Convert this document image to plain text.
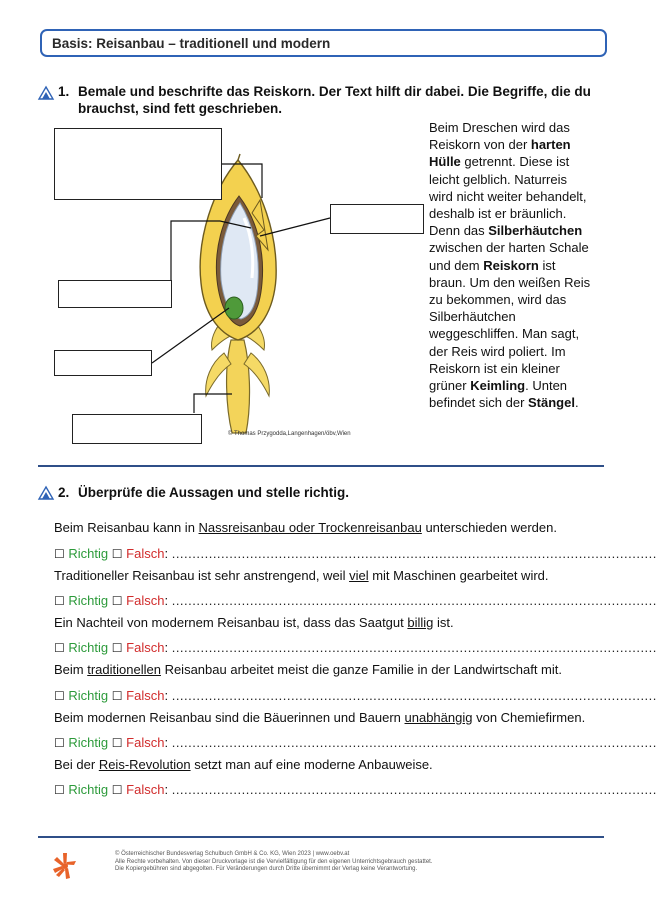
Basis: Reisanbau – traditionell und modern
1. Bemale und beschrifte das Reiskorn. Der Text hilft dir dabei. Die Begriffe, die du
brauchst, sind fett geschrieben.
© Thomas Przygodda,Langenhagen/öbv,Wien
Beim Dreschen wird das
Reiskorn von der harten
Hülle getrennt. Diese ist
leicht gelblich. Naturreis
wird nicht weiter behandelt,
deshalb ist er bräunlich.
Denn das Silberhäutchen
zwischen der harten Schale
und dem Reiskorn ist
braun. Um den weißen Reis
zu bekommen, wird das
Silberhäutchen
weggeschliffen. Man sagt,
der Reis wird poliert. Im
Reiskorn ist ein kleiner
grüner Keimling. Unten
befindet sich der Stängel.
2. Überprüfe die Aussagen und stelle richtig.
Beim Reisanbau kann in Nassreisanbau oder Trockenreisanbau unterschieden werden.
☐ Richtig ☐ Falsch: ......................................................................................................................
Traditioneller Reisanbau ist sehr anstrengend, weil viel mit Maschinen gearbeitet wird.
☐ Richtig ☐ Falsch: ......................................................................................................................
Ein Nachteil von modernem Reisanbau ist, dass das Saatgut billig ist.
☐ Richtig ☐ Falsch: ......................................................................................................................
Beim traditionellen Reisanbau arbeitet meist die ganze Familie in der Landwirtschaft mit.
☐ Richtig ☐ Falsch: ......................................................................................................................
Beim modernen Reisanbau sind die Bäuerinnen und Bauern unabhängig von Chemiefirmen.
☐ Richtig ☐ Falsch: ......................................................................................................................
Bei der Reis-Revolution setzt man auf eine moderne Anbauweise.
☐ Richtig ☐ Falsch: ......................................................................................................................
© Österreichischer Bundesverlag Schulbuch GmbH & Co. KG, Wien 2023 | www.oebv.at
Alle Rechte vorbehalten. Von dieser Druckvorlage ist die Vervielfältigung für den eigenen Unterrichtsgebrauch gestattet.
Die Kopiergebühren sind abgegolten. Für Veränderungen durch Dritte übernimmt der Verlag keine Verantwortung.
